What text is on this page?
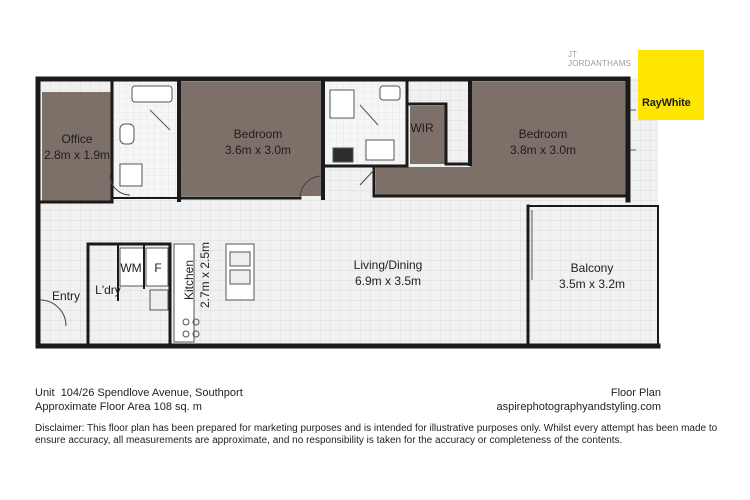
Office
2.8m x 1.9m
Bedroom
3.6m x 3.0m
WIR	Bedroom
3.8m x 3.0m
Living/Dining
6.9m x 3.5m
Kitchen 2.7m x 2.5m	Balcony
3.5m x 3.2m
WM F
L'dry
Entry
JT
JORDANTHAMS
RayWhite
Unit 104/26 Spendlove Avenue, Southport
Approximate Floor Area 108 sq. m
Floor Plan
aspirephotographyandstyling.com
Disclaimer: This floor plan has been prepared for marketing purposes and is intended for illustrative purposes only. Whilst every attempt has been made to ensure accuracy, all measurements are approximate, and no responsibility is taken for the accuracy or completeness of the contents.
